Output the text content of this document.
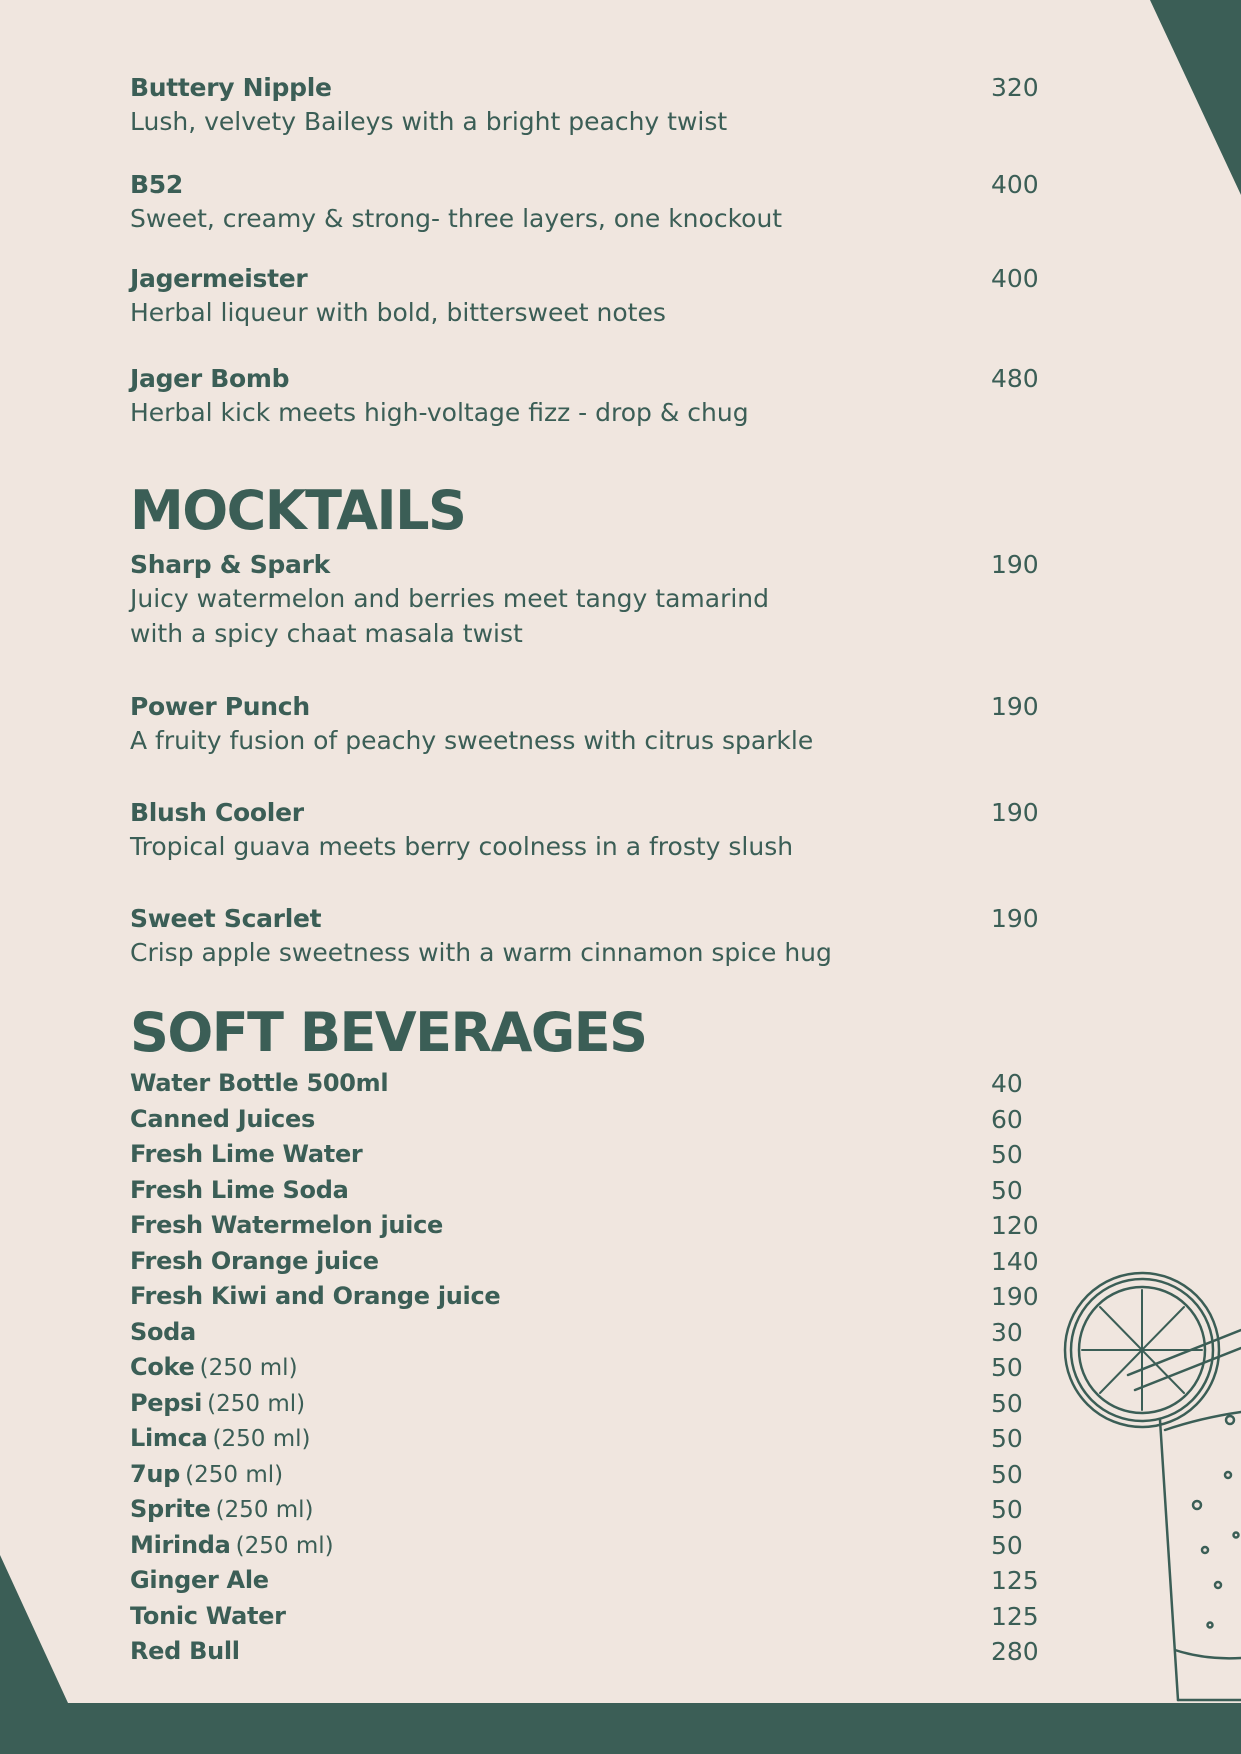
Buttery Nipple
Lush, velvety Baileys with a bright peachy twist
320
B52
Sweet, creamy & strong- three layers, one knockout
400
Jagermeister
Herbal liqueur with bold, bittersweet notes
400
Jager Bomb
Herbal kick meets high-voltage fizz - drop & chug
480
MOCKTAILS
Sharp & Spark
Juicy watermelon and berries meet tangy tamarind
with a spicy chaat masala twist
190
Power Punch
A fruity fusion of peachy sweetness with citrus sparkle
190
Blush Cooler
Tropical guava meets berry coolness in a frosty slush
190
Sweet Scarlet
Crisp apple sweetness with a warm cinnamon spice hug
190
SOFT BEVERAGES
Water Bottle 500ml	40
Canned Juices	60
Fresh Lime Water	50
Fresh Lime Soda	50
Fresh Watermelon juice	120
Fresh Orange juice	140
Fresh Kiwi and Orange juice	190
Soda	30
Coke (250 ml)	50
Pepsi (250 ml)	50
Limca (250 ml)	50
7up (250 ml)	50
Sprite (250 ml)	50
Mirinda (250 ml)	50
Ginger Ale	125
Tonic Water	125
Red Bull	280
